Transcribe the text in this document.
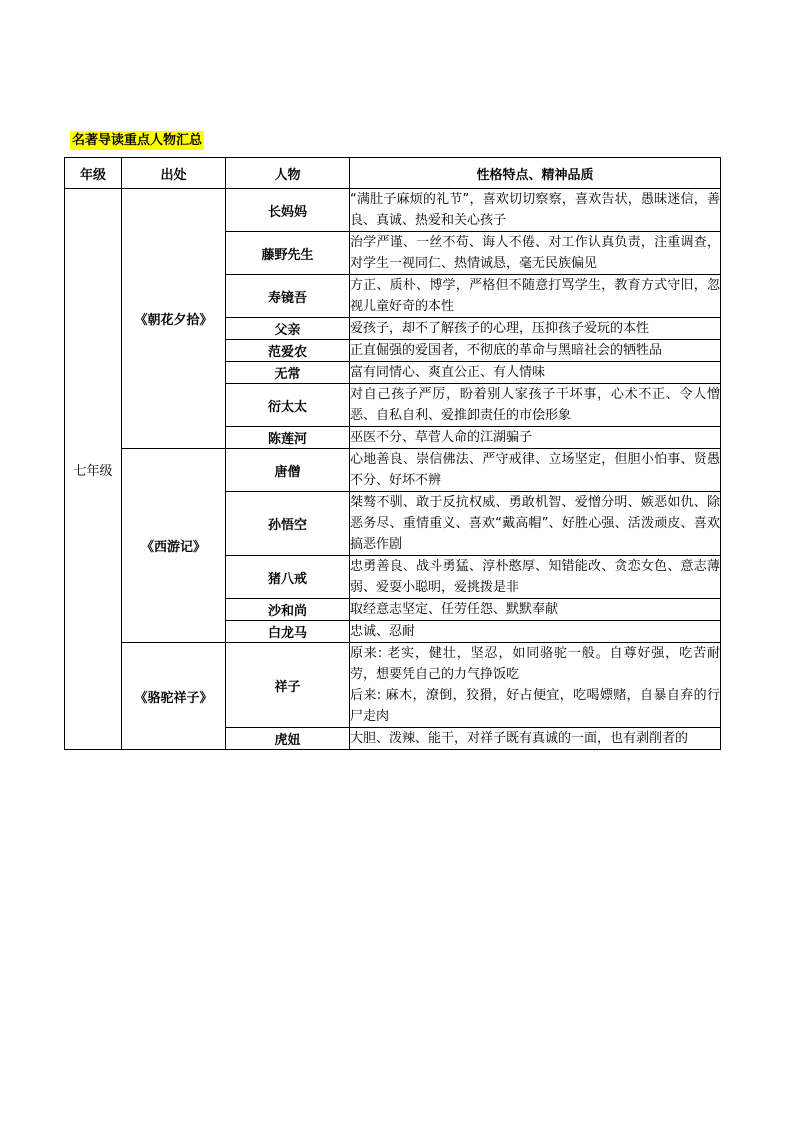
名著导读重点人物汇总
年级	出处	人物	性格特点、精神品质
七年级	《朝花夕拾》	长妈妈	“满肚子麻烦的礼节”，喜欢切切察察，喜欢告状，愚昧迷信，善良、真诚、热爱和关心孩子
		藤野先生	治学严谨、一丝不苟、诲人不倦、对工作认真负责，注重调查，对学生一视同仁、热情诚恳，毫无民族偏见
		寿镜吾	方正、质朴、博学，严格但不随意打骂学生，教育方式守旧，忽视儿童好奇的本性
		父亲	爱孩子，却不了解孩子的心理，压抑孩子爱玩的本性
		范爱农	正直倔强的爱国者，不彻底的革命与黑暗社会的牺牲品
		无常	富有同情心、爽直公正、有人情味
		衍太太	对自己孩子严厉，盼着别人家孩子干坏事，心术不正、令人憎恶、自私自利、爱推卸责任的市侩形象
		陈莲河	巫医不分、草菅人命的江湖骗子
	《西游记》	唐僧	心地善良、崇信佛法、严守戒律、立场坚定，但胆小怕事、贤愚不分、好坏不辨
		孙悟空	桀骜不驯、敢于反抗权威、勇敢机智、爱憎分明、嫉恶如仇、除恶务尽、重情重义、喜欢“戴高帽”、好胜心强、活泼顽皮、喜欢搞恶作剧
		猪八戒	忠勇善良、战斗勇猛、淳朴憨厚、知错能改、贪恋女色、意志薄弱、爱耍小聪明，爱挑拨是非
		沙和尚	取经意志坚定、任劳任怨、默默奉献
		白龙马	忠诚、忍耐
	《骆驼祥子》	祥子	原来: 老实，健壮，坚忍，如同骆驼一般。自尊好强，吃苦耐劳，想要凭自己的力气挣饭吃
后来: 麻木，潦倒，狡猾，好占便宜，吃喝嫖赌，自暴自弃的行尸走肉

		虎妞	大胆、泼辣、能干，对祥子既有真诚的一面，也有剥削者的
